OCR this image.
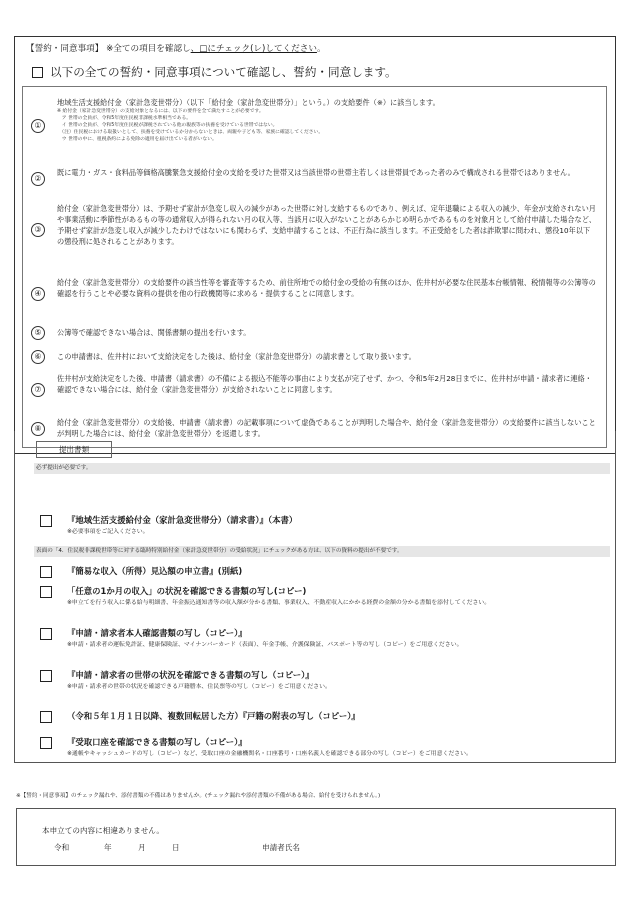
【誓約・同意事項】 ※全ての項目を確認し、□にチェック(レ)してください。
以下の全ての誓約・同意事項について確認し、誓約・同意します。
①
地域生活支援給付金（家計急変世帯分）（以下「給付金（家計急変世帯分）」という。）の支給要件（※）に該当します。
※ 給付金（家計急変世帯分）の支給対象となるには、以下の要件を全て満たすことが必要です。
　ア 世帯の全員が、令和5年度住民税非課税水準相当である。
　イ 世帯の全員が、令和5年度住民税が課税されている他の親族等の扶養を受けている世帯ではない。
　（注）住民税における取扱いとして、扶養を受けているか分からないときは、両親や子ども等、家族に確認してください。
　ウ 世帯の中に、租税条約による免除の適用を届け出ている者がいない。
②
既に電力・ガス・食料品等価格高騰緊急支援給付金の支給を受けた世帯又は当該世帯の世帯主若しくは世帯員であった者のみで構成される世帯ではありません。
③
給付金（家計急変世帯分）は、予期せず家計が急変し収入の減少があった世帯に対し支給するものであり、例えば、定年退職による収入の減少、年金が支給されない月や事業活動に季節性があるもの等の通常収入が得られない月の収入等、当該月に収入がないことがあらかじめ明らかであるものを対象月として給付申請した場合など、予期せず家計が急変し収入が減少したわけではないにも関わらず、支給申請することは、不正行為に該当します。不正受給をした者は詐欺罪に問われ、懲役10年以下の懲役刑に処されることがあります。
④
給付金（家計急変世帯分）の支給要件の該当性等を審査等するため、前住所地での給付金の受給の有無のほか、佐井村が必要な住民基本台帳情報、税情報等の公簿等の確認を行うことや必要な資料の提供を他の行政機関等に求める・提供することに同意します。
⑤	公簿等で確認できない場合は、関係書類の提出を行います。
⑥	この申請書は、佐井村において支給決定をした後は、給付金（家計急変世帯分）の請求書として取り扱います。
⑦
佐井村が支給決定をした後、申請書（請求書）の不備による振込不能等の事由により支払が完了せず、かつ、令和5年2月28日までに、佐井村が申請・請求者に連絡・確認できない場合には、給付金（家計急変世帯分）が支給されないことに同意します。
⑧
給付金（家計急変世帯分）の支給後、申請書（請求書）の記載事項について虚偽であることが判明した場合や、給付金（家計急変世帯分）の支給要件に該当しないことが判明した場合には、給付金（家計急変世帯分）を返還します。
提出書類
必ず提出が必要です。
『地域生活支援給付金（家計急変世帯分）（請求書）』（本書）
※必要事項をご記入ください。
表面の「4．住民税非課税世帯等に対する臨時特別給付金（家計急変世帯分）の受給状況」にチェックがある方は、以下の資料の提出が不要です。
『簡易な収入（所得）見込額の申立書』(別紙)
「任意の1か月の収入」の状況を確認できる書類の写し(コピー)
※申立てを行う収入に係る給与明細書、年金振込通知書等の収入額が分かる書類、事業収入、不動産収入にかかる経費の金額の分かる書類を添付してください。
『申請・請求者本人確認書類の写し（コピー）』
※申請・請求者の運転免許証、健康保険証、マイナンバーカード（表面）、年金手帳、介護保険証、パスポート等の写し（コピー）をご用意ください。
『申請・請求者の世帯の状況を確認できる書類の写し（コピー）』
※申請・請求者の世帯の状況を確認できる戸籍謄本、住民票等の写し（コピー）をご用意ください。
（令和５年１月１日以降、複数回転居した方）『戸籍の附表の写し（コピー）』
『受取口座を確認できる書類の写し（コピー）』
※通帳やキャッシュカードの写し（コピー）など、受取口座の金融機関名・口座番号・口座名義人を確認できる部分の写し（コピー）をご用意ください。
※【誓約・同意事項】のチェック漏れや、添付書類の不備はありませんか。(チェック漏れや添付書類の不備がある場合、給付を受けられません。)
本申立ての内容に相違ありません。
令和	年	月	日	申請者氏名
